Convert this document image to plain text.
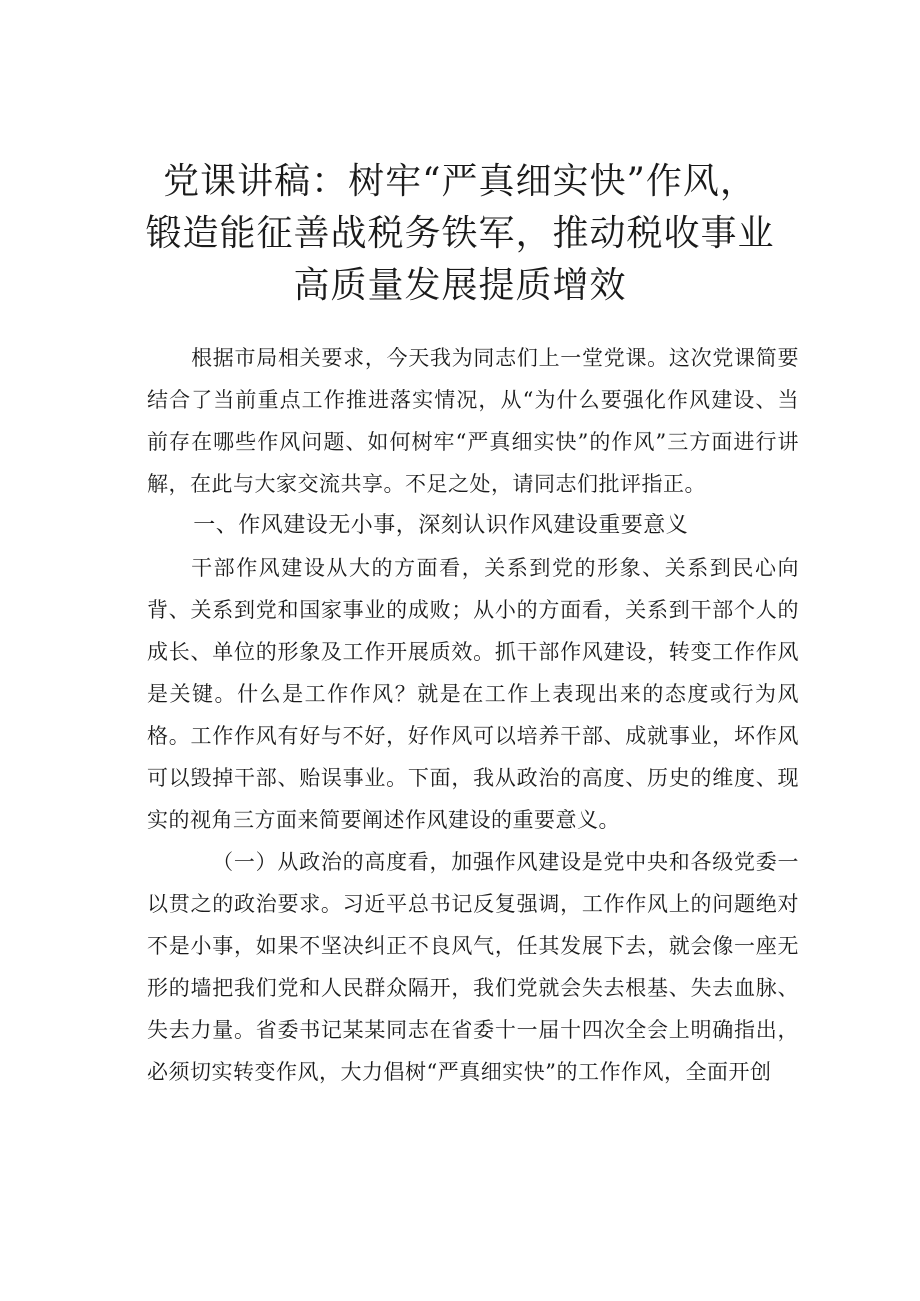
党课讲稿：树牢“严真细实快”作风，
锻造能征善战税务铁军，推动税收事业
高质量发展提质增效

根据市局相关要求，今天我为同志们上一堂党课。这次党课简要结合了当前重点工作推进落实情况，从“为什么要强化作风建设、当前存在哪些作风问题、如何树牢“严真细实快”的作风”三方面进行讲解，在此与大家交流共享。不足之处，请同志们批评指正。

一、作风建设无小事，深刻认识作风建设重要意义

干部作风建设从大的方面看，关系到党的形象、关系到民心向背、关系到党和国家事业的成败；从小的方面看，关系到干部个人的成长、单位的形象及工作开展质效。抓干部作风建设，转变工作作风是关键。什么是工作作风？就是在工作上表现出来的态度或行为风格。工作作风有好与不好，好作风可以培养干部、成就事业，坏作风可以毁掉干部、贻误事业。下面，我从政治的高度、历史的维度、现实的视角三方面来简要阐述作风建设的重要意义。

（一）从政治的高度看，加强作风建设是党中央和各级党委一以贯之的政治要求。习近平总书记反复强调，工作作风上的问题绝对不是小事，如果不坚决纠正不良风气，任其发展下去，就会像一座无形的墙把我们党和人民群众隔开，我们党就会失去根基、失去血脉、失去力量。省委书记某某同志在省委十一届十四次全会上明确指出，必须切实转变作风，大力倡树“严真细实快”的工作作风，全面开创
